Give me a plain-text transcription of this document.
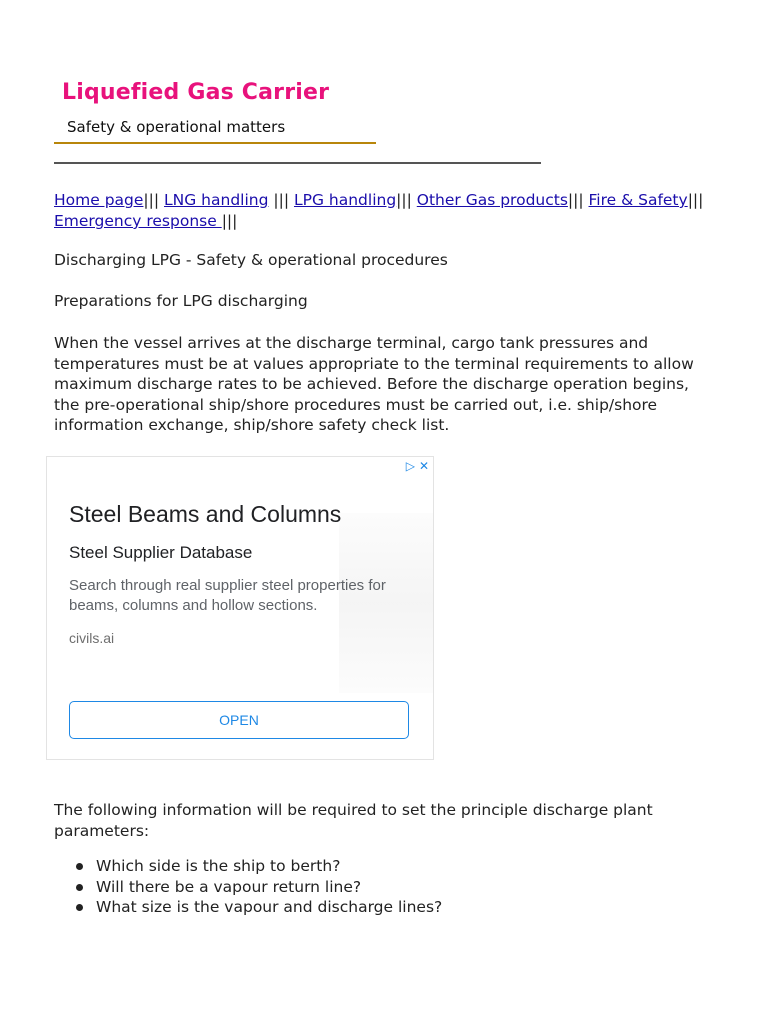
Liquefied Gas Carrier
Safety & operational matters
Home page||| LNG handling ||| LPG handling||| Other Gas products||| Fire & Safety||| Emergency response |||
Discharging LPG - Safety & operational procedures
Preparations for LPG discharging

When the vessel arrives at the discharge terminal, cargo tank pressures and temperatures must be at values appropriate to the terminal requirements to allow maximum discharge rates to be achieved. Before the discharge operation begins, the pre-operational ship/shore procedures must be carried out, i.e. ship/shore information exchange, ship/shore safety check list.

▷ ✕
Steel Beams and Columns
Steel Supplier Database
Search through real supplier steel properties for beams, columns and hollow sections.
civils.ai
OPEN

The following information will be required to set the principle discharge plant parameters:

Which side is the ship to berth?
Will there be a vapour return line?
What size is the vapour and discharge lines?
